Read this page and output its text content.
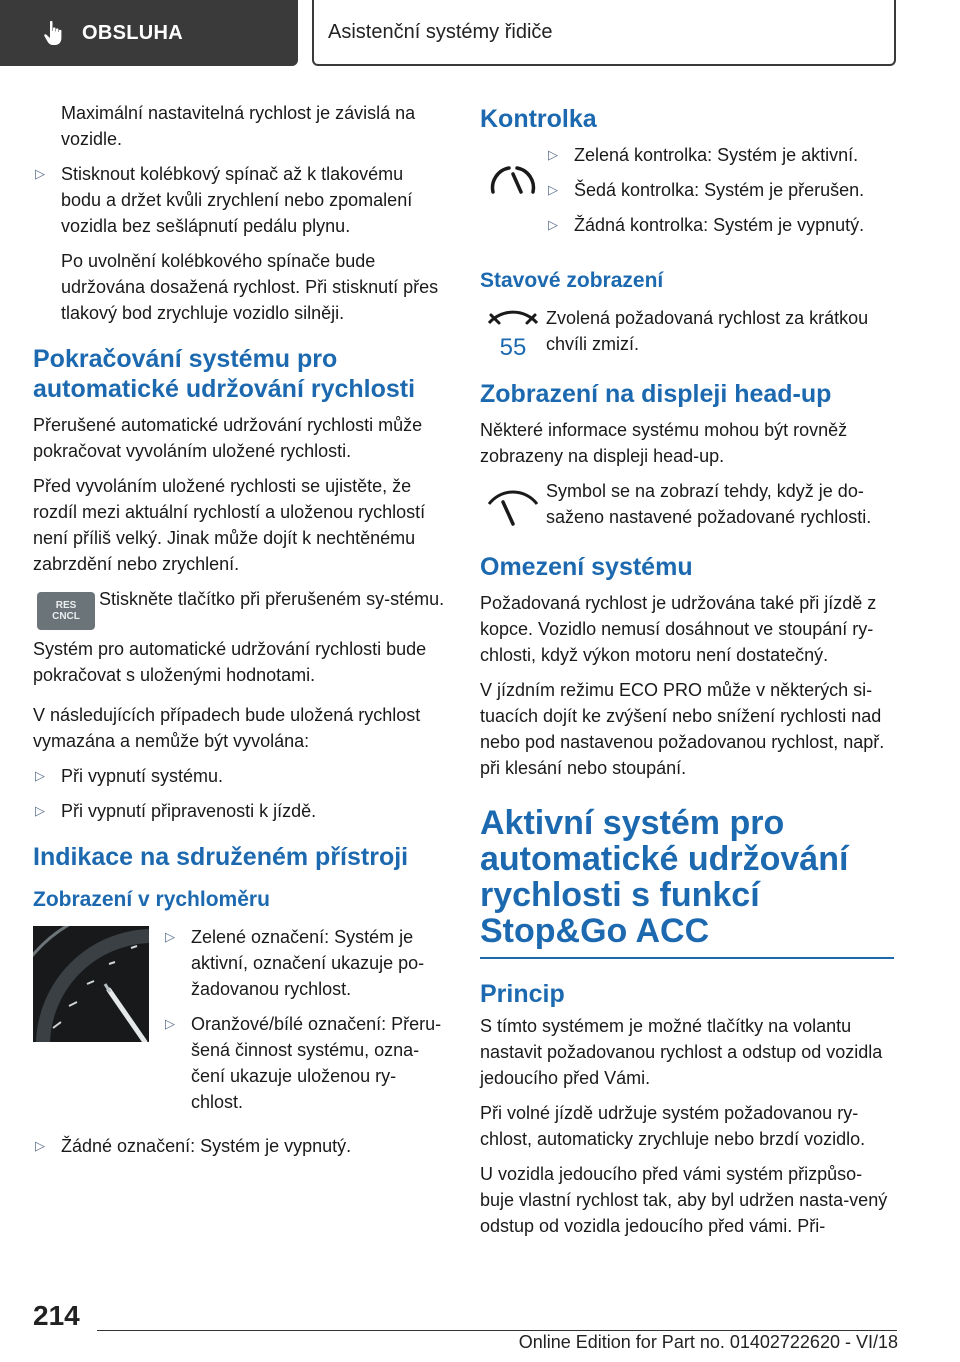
OBSLUHA	Asistenční systémy řidiče

Maximální nastavitelná rychlost je závislá na vozidle.

▷ Stisknout kolébkový spínač až k tlakovému bodu a držet kvůli zrychlení nebo zpomalení vozidla bez sešlápnutí pedálu plynu.

Po uvolnění kolébkového spínače bude udržována dosažená rychlost. Při stisknutí přes tlakový bod zrychluje vozidlo silněji.

Pokračování systému pro automatické udržování rychlosti

Přerušené automatické udržování rychlosti může pokračovat vyvoláním uložené rychlosti.

Před vyvoláním uložené rychlosti se ujistěte, že rozdíl mezi aktuální rychlostí a uloženou rychlostí není příliš velký. Jinak může dojít k nechtěnému zabrzdění nebo zrychlení.

RES
CNCL

Stiskněte tlačítko při přerušeném sy-stému.

Systém pro automatické udržování rychlosti bude pokračovat s uloženými hodnotami.

V následujících případech bude uložená rychlost vymazána a nemůže být vyvolána:

▷ Při vypnutí systému.
▷ Při vypnutí připravenosti k jízdě.
Indikace na sdruženém přístroji
Zobrazení v rychloměru
▷ Zelené označení: Systém je aktivní, označení ukazuje po-žadovanou rychlost.
▷ Oranžové/bílé označení: Přeru-šená činnost systému, ozna-čení ukazuje uloženou ry-chlost.
▷ Žádné označení: Systém je vypnutý.
Kontrolka
▷ Zelená kontrolka: Systém je aktivní.
▷ Šedá kontrolka: Systém je přerušen.
▷ Žádná kontrolka: Systém je vypnutý.
Stavové zobrazení
55

Zvolená požadovaná rychlost za krátkou chvíli zmizí.

Zobrazení na displeji head-up

Některé informace systému mohou být rovněž zobrazeny na displeji head-up.

Symbol se na zobrazí tehdy, když je do-saženo nastavené požadované rychlosti.

Omezení systému

Požadovaná rychlost je udržována také při jízdě z kopce. Vozidlo nemusí dosáhnout ve stoupání ry-chlosti, když výkon motoru není dostatečný.

V jízdním režimu ECO PRO může v některých si-tuacích dojít ke zvýšení nebo snížení rychlosti nad nebo pod nastavenou požadovanou rychlost, např. při klesání nebo stoupání.

Aktivní systém pro automatické udržování rychlosti s funkcí Stop&Go ACC
Princip

S tímto systémem je možné tlačítky na volantu nastavit požadovanou rychlost a odstup od vozidla jedoucího před Vámi.

Při volné jízdě udržuje systém požadovanou ry-chlost, automaticky zrychluje nebo brzdí vozidlo.

U vozidla jedoucího před vámi systém přizpůso-buje vlastní rychlost tak, aby byl udržen nasta-vený odstup od vozidla jedoucího před vámi. Při-

214
Online Edition for Part no. 01402722620 - VI/18
